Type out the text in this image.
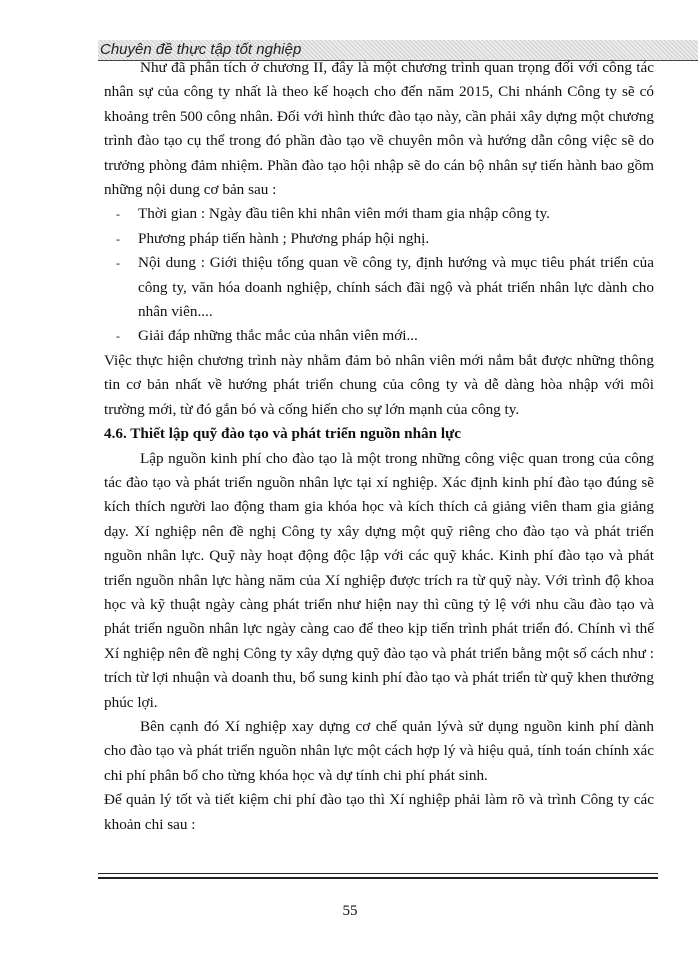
Chuyên đề thực tập tốt nghiệp

Như đã phân tích ở chương II, đây là một chương trình quan trọng đối với công tác nhân sự của công ty nhất là theo kế hoạch cho đến năm 2015, Chi nhánh Công ty sẽ có khoảng trên 500 công nhân. Đối với hình thức đào tạo này, cần phải xây dựng một chương trình đào tạo cụ thể trong đó phần đào tạo về chuyên môn và hướng dẫn công việc sẽ do trưởng phòng đảm nhiệm. Phần đào tạo hội nhập sẽ do cán bộ nhân sự tiến hành bao gồm những nội dung cơ bản sau :

- Thời gian : Ngày đầu tiên khi nhân viên mới tham gia nhập công ty.
- Phương pháp tiến hành ; Phương pháp hội nghị.
- Nội dung : Giới thiệu tổng quan về công ty, định hướng và mục tiêu phát triển của công ty, văn hóa doanh nghiệp, chính sách đãi ngộ và phát triển nhân lực dành cho nhân viên....
- Giải đáp những thắc mắc của nhân viên mới...

Việc thực hiện chương trình này nhằm đảm bỏ nhân viên mới nắm bắt được những thông tin cơ bản nhất về hướng phát triển chung của công ty và dễ dàng hòa nhập với môi trường mới, từ đó gắn bó và cống hiến cho sự lớn mạnh của công ty.

4.6. Thiết lập quỹ đào tạo và phát triển nguồn nhân lực

Lập nguồn kinh phí cho đào tạo là một trong những công việc quan trong của công tác đào tạo và phát triển nguồn nhân lực tại xí nghiệp. Xác định kinh phí đào tạo đúng sẽ kích thích người lao động tham gia khóa học và kích thích cả giảng viên tham gia giảng dạy. Xí nghiệp nên đề nghị Công ty xây dựng một quỹ riêng cho đào tạo và phát triển nguồn nhân lực. Quỹ này hoạt động độc lập với các quỹ khác. Kinh phí đào tạo và phát triển nguồn nhân lực hàng năm của Xí nghiệp được trích ra từ quỹ này. Với trình độ khoa học và kỹ thuật ngày càng phát triển như hiện nay thì cũng tỷ lệ với nhu cầu đào tạo và phát triển nguồn nhân lực ngày càng cao để theo kịp tiến trình phát triển đó. Chính vì thế Xí nghiệp nên đề nghị Công ty xây dựng quỹ đào tạo và phát triển bằng một số cách như : trích từ lợi nhuận và doanh thu, bổ sung kinh phí đào tạo và phát triển từ quỹ khen thưởng phúc lợi.

Bên cạnh đó Xí nghiệp xay dựng cơ chế quản lývà sử dụng nguồn kinh phí dành cho đào tạo và phát triển nguồn nhân lực một cách hợp lý và hiệu quả, tính toán chính xác chi phí phân bổ cho từng khóa học và dự tính chi phí phát sinh.

Để quản lý tốt và tiết kiệm chi phí đào tạo thì Xí nghiệp phải làm rõ và trình Công ty các khoản chi sau :

55
